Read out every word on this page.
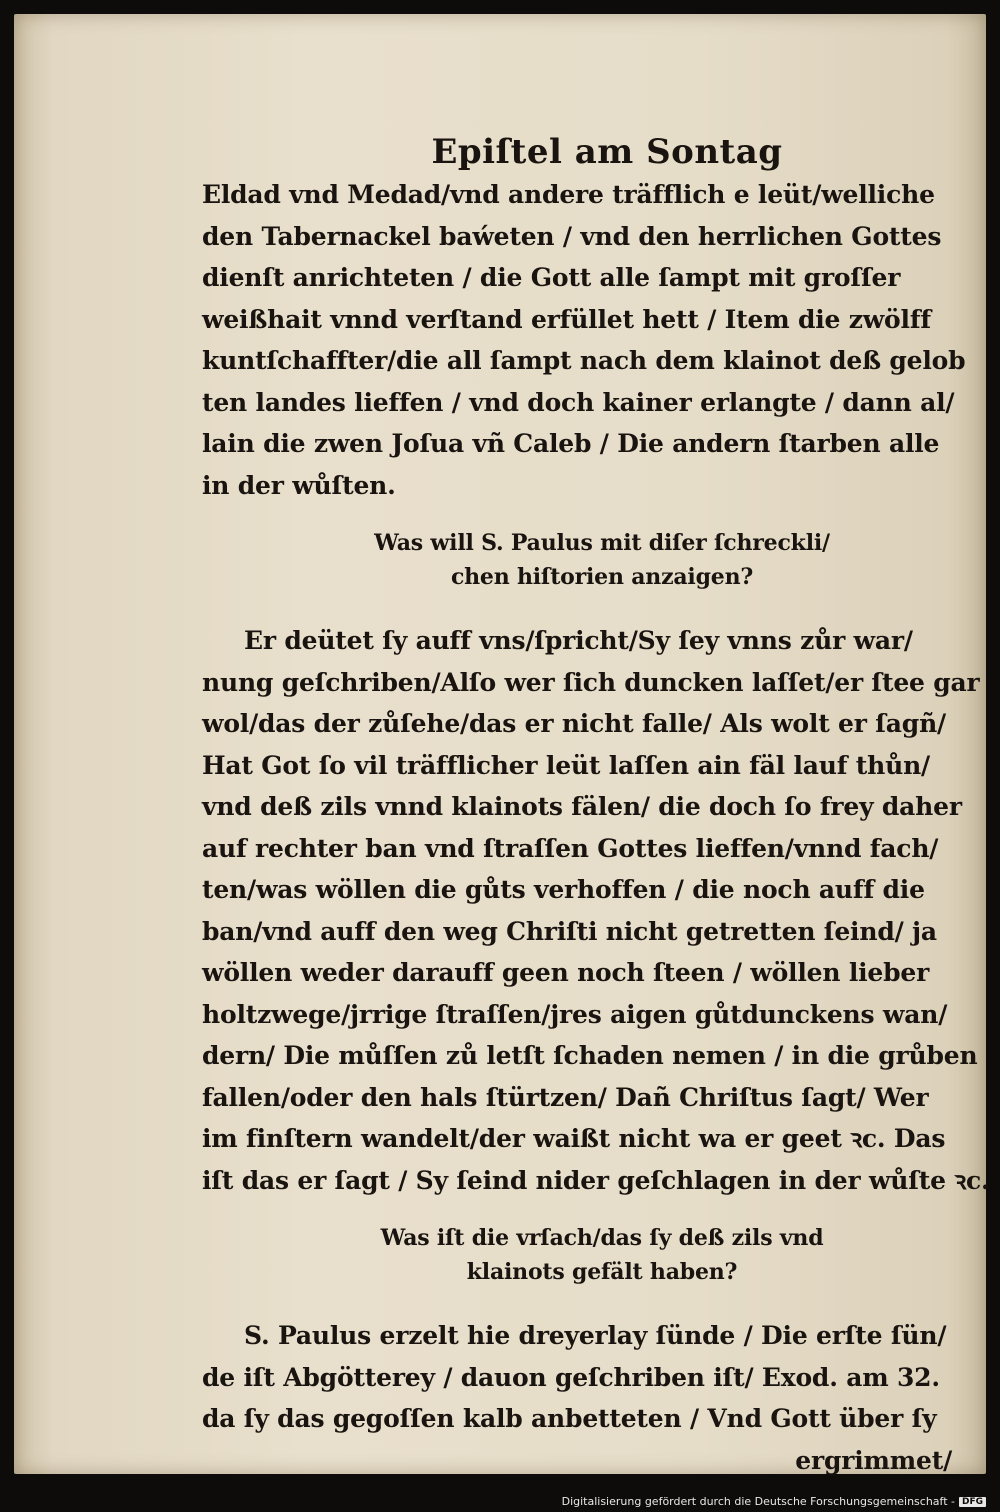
Epiſtel am Sontag
Eldad vnd Medad/vnd andere träfflich e leüt/welliche
den Tabernackel baẃeten / vnd den herrlichen Gottes
dienſt anrichteten / die Gott alle ſampt mit groſſer
weißhait vnnd verſtand erfüllet hett / Item die zwölff
kuntſchaffter/die all ſampt nach dem klainot deß gelob
ten landes lieffen / vnd doch kainer erlangte / dann al/
lain die zwen Joſua vñ Caleb / Die andern ſtarben alle
in der wůſten.
Was will S. Paulus mit diſer ſchreckli/
chen hiſtorien anzaigen?
Er deütet ſy auff vns/ſpricht/Sy ſey vnns zůr war/
nung geſchriben/Alſo wer ſich duncken laſſet/er ſtee gar
wol/das der zůſehe/das er nicht falle/ Als wolt er ſagñ/
Hat Got ſo vil träfflicher leüt laſſen ain fäl lauf thůn/
vnd deß zils vnnd klainots fälen/ die doch ſo frey daher
auf rechter ban vnd ſtraſſen Gottes lieffen/vnnd fach/
ten/was wöllen die gůts verhoffen / die noch auff die
ban/vnd auff den weg Chriſti nicht getretten ſeind/ ja
wöllen weder darauff geen noch ſteen / wöllen lieber
holtzwege/jrrige ſtraſſen/jres aigen gůtdunckens wan/
dern/ Die můſſen zů letſt ſchaden nemen / in die grůben
fallen/oder den hals ſtürtzen/ Dañ Chriſtus ſagt/ Wer
im finſtern wandelt/der waißt nicht wa er geet ꝛc. Das
iſt das er ſagt / Sy ſeind nider geſchlagen in der wůſte ꝛc.
Was iſt die vrſach/das ſy deß zils vnd
klainots gefält haben?
S. Paulus erzelt hie dreyerlay ſünde / Die erſte ſün/
de iſt Abgötterey / dauon geſchriben iſt/ Exod. am 32.
da ſy das gegoſſen kalb anbetteten / Vnd Gott über ſy
ergrimmet/
Digitalisierung gefördert durch die Deutsche Forschungsgemeinschaft - DFG
